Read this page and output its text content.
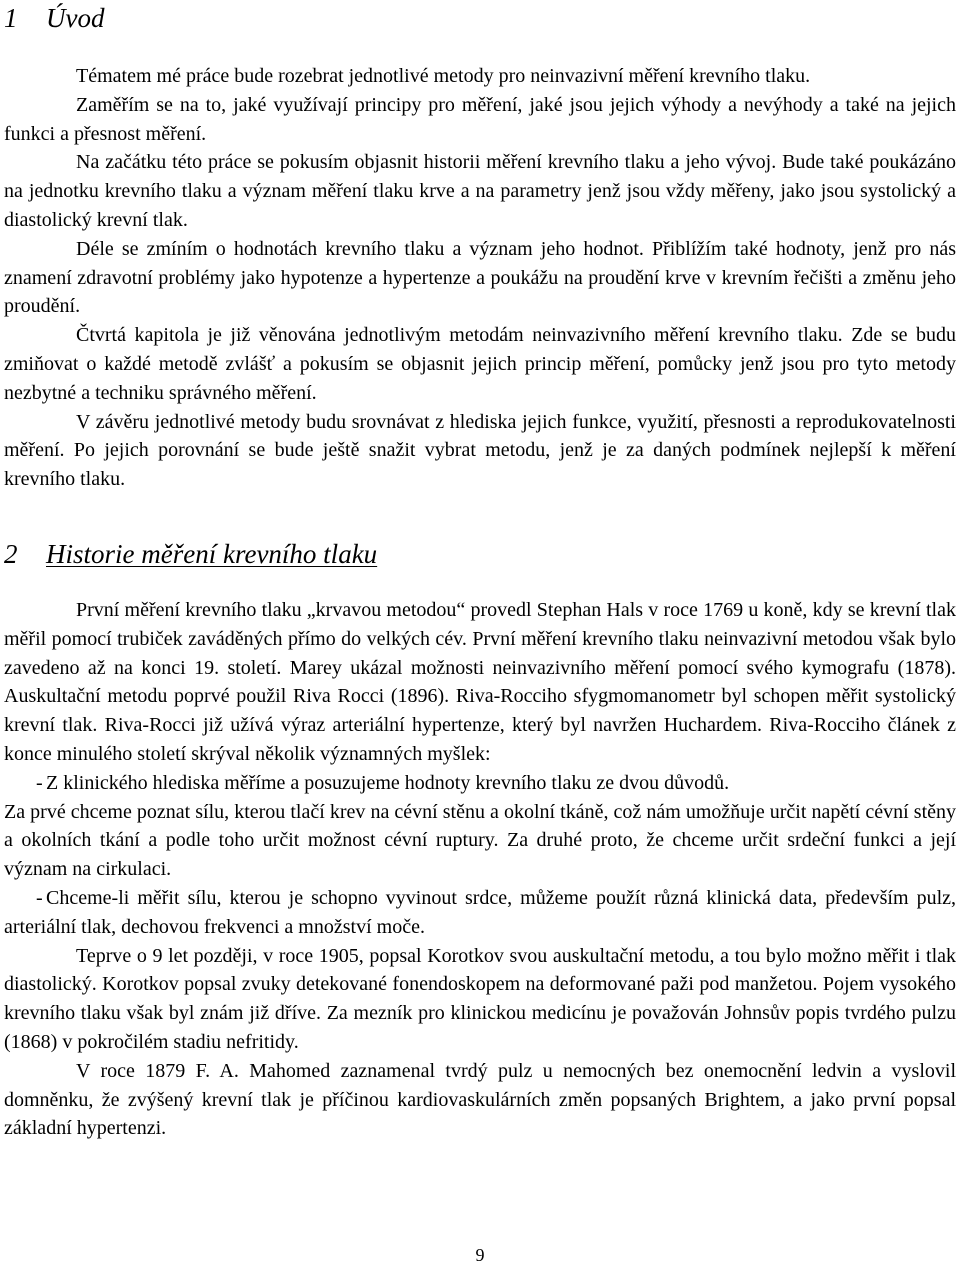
1 Úvod

Tématem mé práce bude rozebrat jednotlivé metody pro neinvazivní měření krevního tlaku.

Zaměřím se na to, jaké využívají principy pro měření, jaké jsou jejich výhody a nevýhody a také na jejich funkci a přesnost měření.

Na začátku této práce se pokusím objasnit historii měření krevního tlaku a jeho vývoj. Bude také poukázáno na jednotku krevního tlaku a význam měření tlaku krve a na parametry jenž jsou vždy měřeny, jako jsou systolický a diastolický krevní tlak.

Déle se zmíním o hodnotách krevního tlaku a význam jeho hodnot. Přiblížím také hodnoty, jenž pro nás znamení zdravotní problémy jako hypotenze a hypertenze a poukážu na proudění krve v krevním řečišti a změnu jeho proudění.

Čtvrtá kapitola je již věnována jednotlivým metodám neinvazivního měření krevního tlaku. Zde se budu zmiňovat o každé metodě zvlášť a pokusím se objasnit jejich princip měření, pomůcky jenž jsou pro tyto metody nezbytné a techniku správného měření.

V závěru jednotlivé metody budu srovnávat z hlediska jejich funkce, využití, přesnosti a reprodukovatelnosti měření. Po jejich porovnání se bude ještě snažit vybrat metodu, jenž je za daných podmínek nejlepší k měření krevního tlaku.

2 Historie měření krevního tlaku

První měření krevního tlaku „krvavou metodou“ provedl Stephan Hals v roce 1769 u koně, kdy se krevní tlak měřil pomocí trubiček zaváděných přímo do velkých cév. První měření krevního tlaku neinvazivní metodou však bylo zavedeno až na konci 19. století. Marey ukázal možnosti neinvazivního měření pomocí svého kymografu (1878). Auskultační metodu poprvé použil Riva Rocci (1896). Riva-Rocciho sfygmomanometr byl schopen měřit systolický krevní tlak. Riva-Rocci již užívá výraz arteriální hypertenze, který byl navržen Huchardem. Riva-Rocciho článek z konce minulého století skrýval několik významných myšlek:

- Z klinického hlediska měříme a posuzujeme hodnoty krevního tlaku ze dvou důvodů.

Za prvé chceme poznat sílu, kterou tlačí krev na cévní stěnu a okolní tkáně, což nám umožňuje určit napětí cévní stěny a okolních tkání a podle toho určit možnost cévní ruptury. Za druhé proto, že chceme určit srdeční funkci a její význam na cirkulaci.

- Chceme-li měřit sílu, kterou je schopno vyvinout srdce, můžeme použít různá klinická data, především pulz, arteriální tlak, dechovou frekvenci a množství moče.

Teprve o 9 let později, v roce 1905, popsal Korotkov svou auskultační metodu, a tou bylo možno měřit i tlak diastolický. Korotkov popsal zvuky detekované fonendoskopem na deformované paži pod manžetou. Pojem vysokého krevního tlaku však byl znám již dříve. Za mezník pro klinickou medicínu je považován Johnsův popis tvrdého pulzu (1868) v pokročilém stadiu nefritidy.

V roce 1879 F. A. Mahomed zaznamenal tvrdý pulz u nemocných bez onemocnění ledvin a vyslovil domněnku, že zvýšený krevní tlak je příčinou kardiovaskulárních změn popsaných Brightem, a jako první popsal základní hypertenzi.

9
